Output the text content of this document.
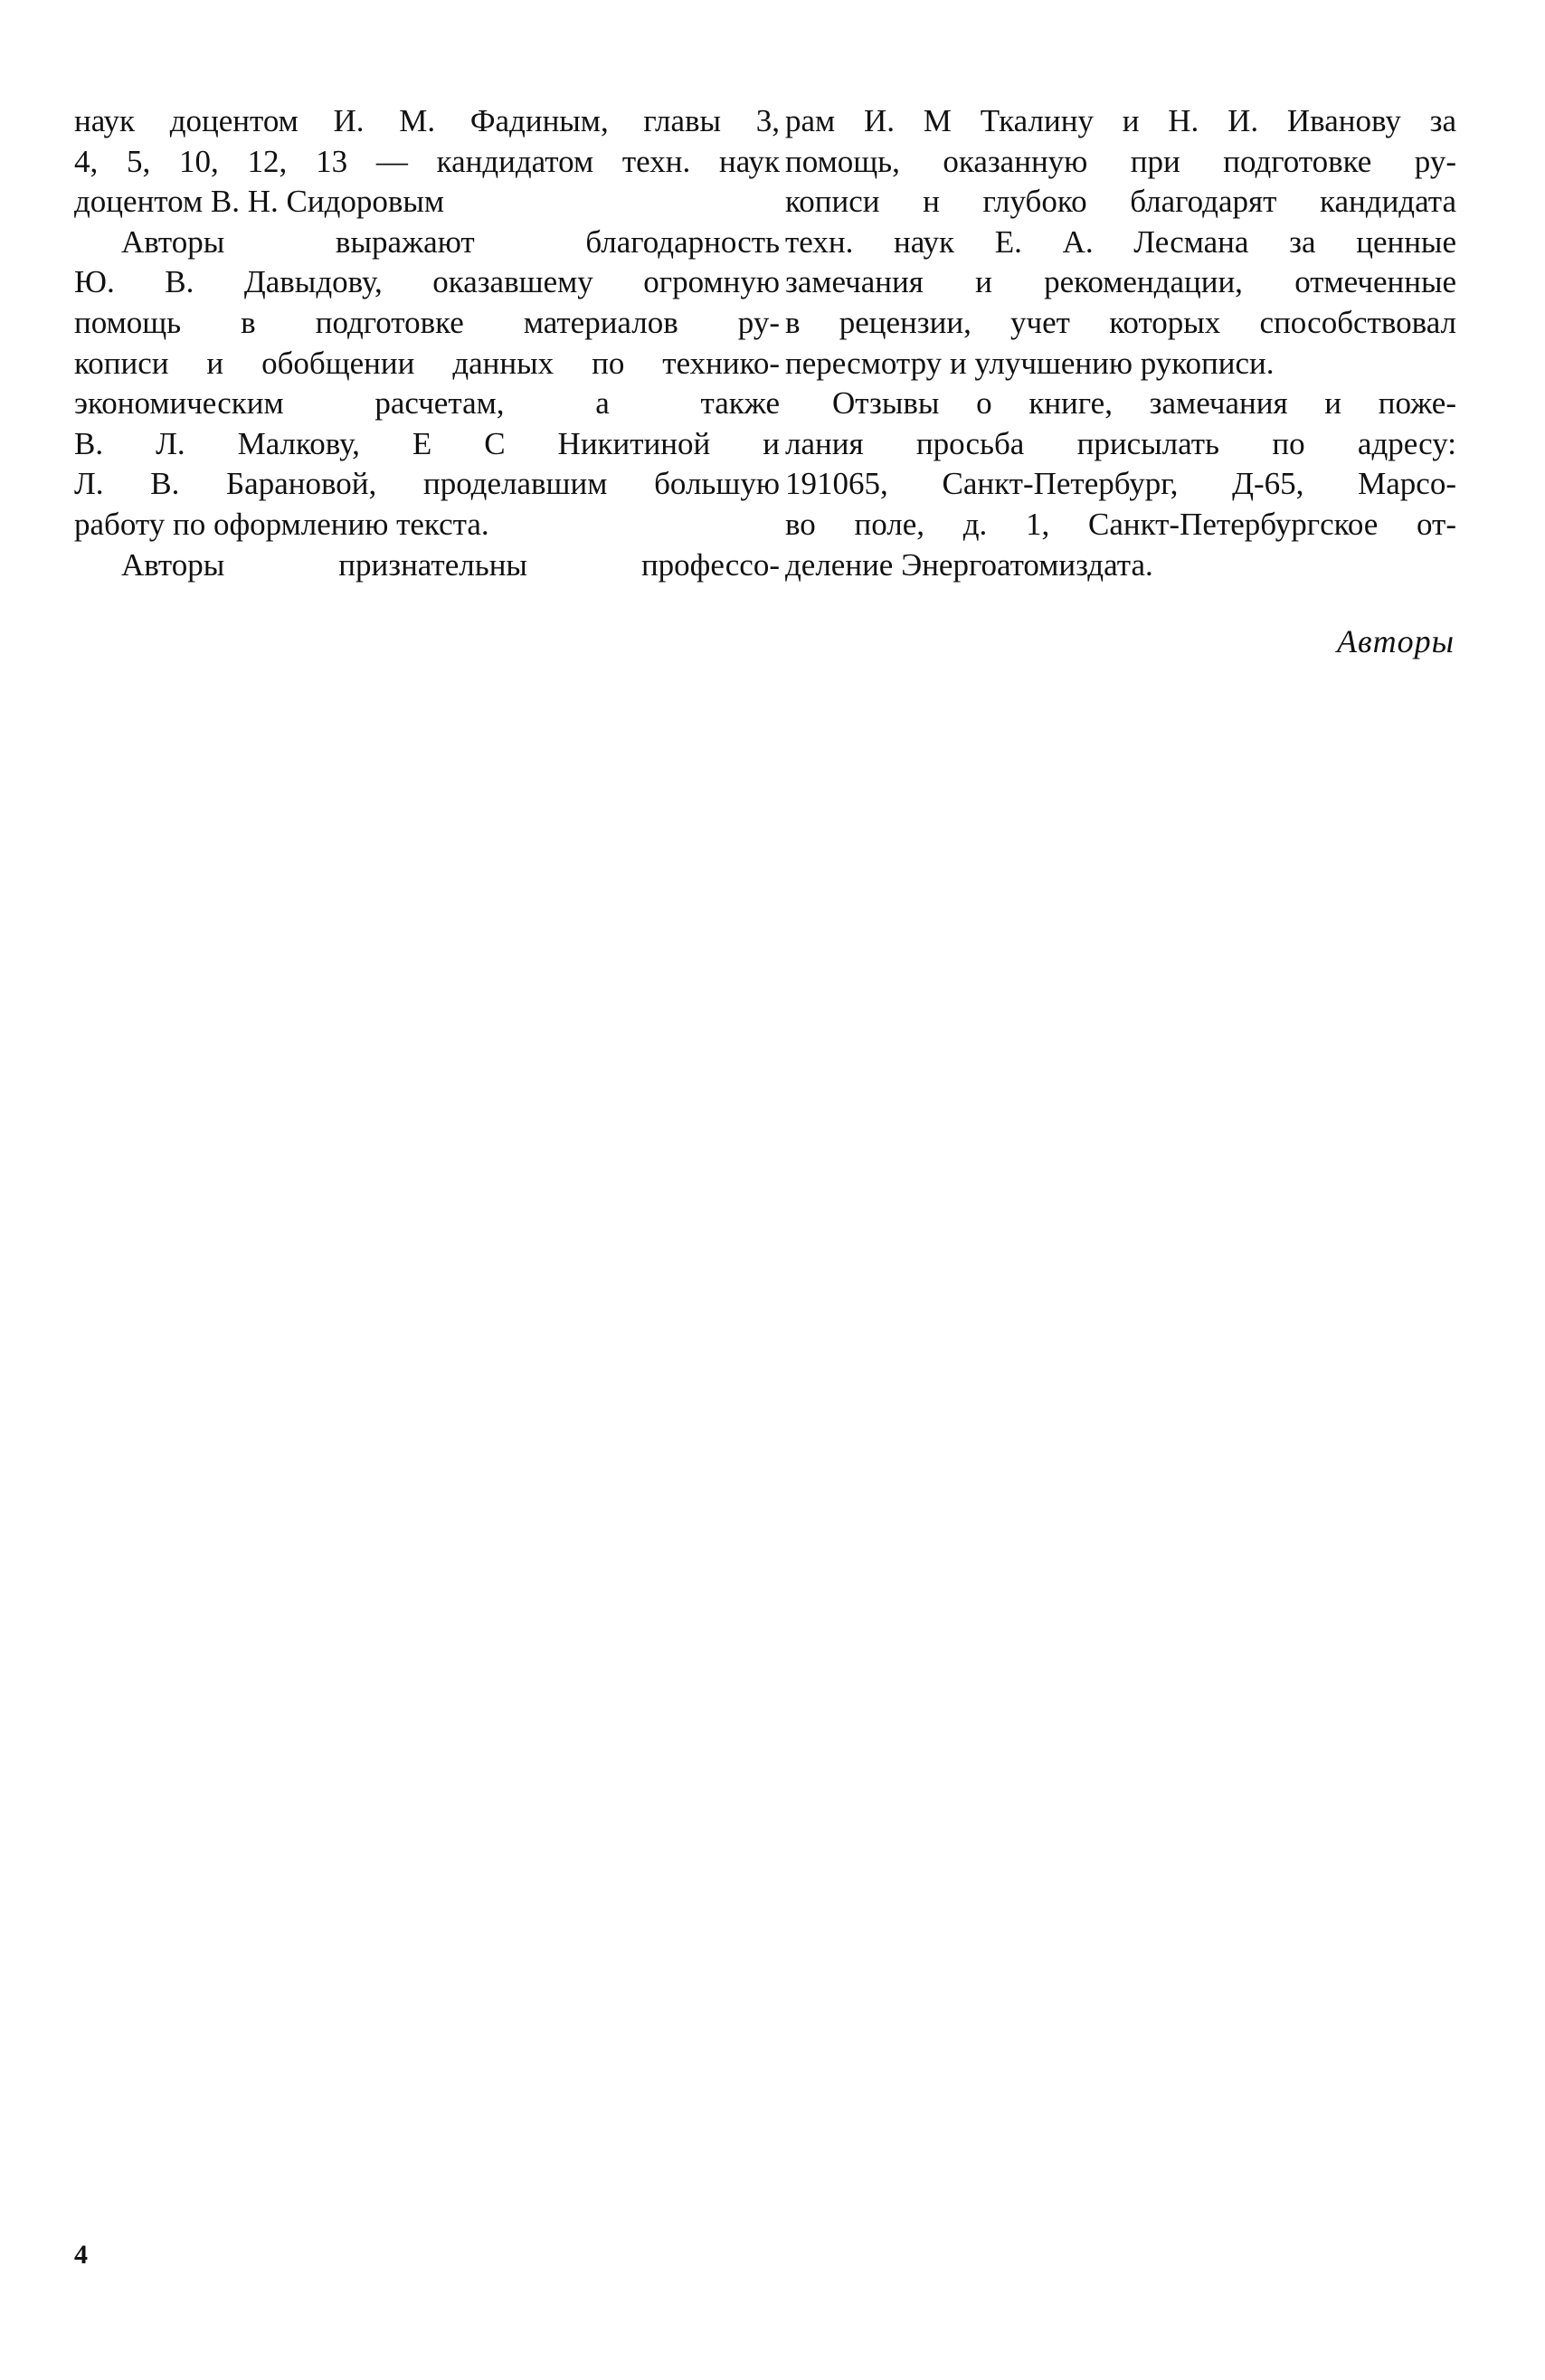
наук доцентом И. М. Фадиным, главы 3,
4, 5, 10, 12, 13 — кандидатом техн. наук
доцентом В. Н. Сидоровым
Авторы выражают благодарность
Ю. В. Давыдову, оказавшему огромную
помощь в подготовке материалов ру-
кописи и обобщении данных по технико-
экономическим расчетам, а также
В. Л. Малкову, Е С Никитиной и
Л. В. Барановой, проделавшим большую
работу по оформлению текста.
Авторы признательны профессо-
рам И. М Ткалину и Н. И. Иванову за
помощь, оказанную при подготовке ру-
кописи н глубоко благодарят кандидата
техн. наук Е. А. Лесмана за ценные
замечания и рекомендации, отмеченные
в рецензии, учет которых способствовал
пересмотру и улучшению рукописи.
Отзывы о книге, замечания и поже-
лания просьба присылать по адресу:
191065, Санкт-Петербург, Д-65, Марсо-
во поле, д. 1, Санкт-Петербургское от-
деление Энергоатомиздата.
Авторы
4
